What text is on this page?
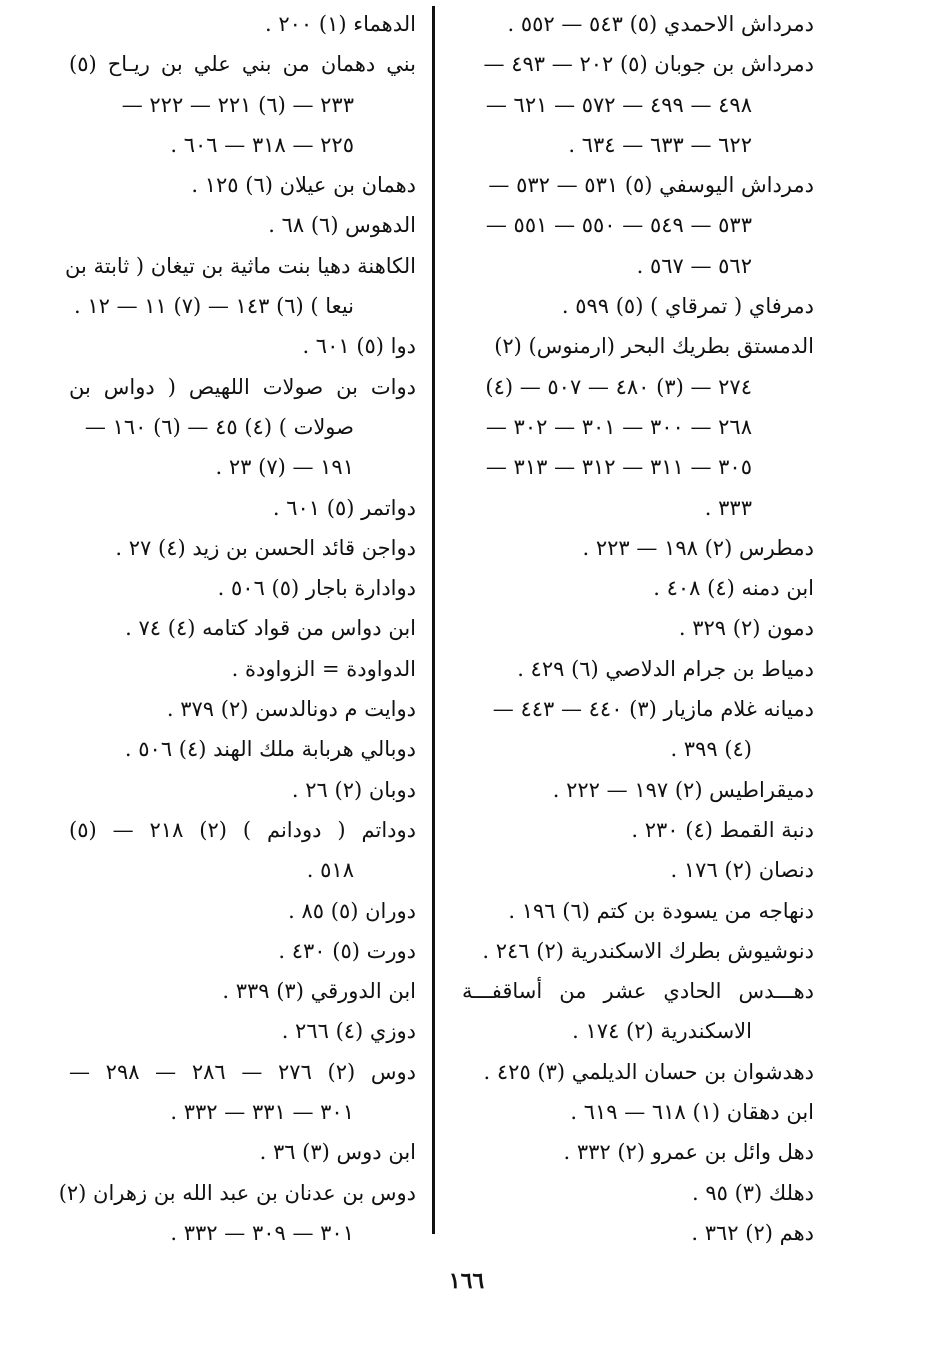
دمرداش الاحمدي (٥) ٥٤٣ — ٥٥٢ .
دمرداش بن جوبان (٥) ٢٠٢ — ٤٩٣ —
٤٩٨ — ٤٩٩ — ٥٧٢ — ٦٢١ —
٦٢٢ — ٦٣٣ — ٦٣٤ .
دمرداش اليوسفي (٥) ٥٣١ — ٥٣٢ —
٥٣٣ — ٥٤٩ — ٥٥٠ — ٥٥١ —
٥٦٢ — ٥٦٧ .
دمرفاي ( تمرقاي ) (٥) ٥٩٩ .
الدمستق بطريك البحر (ارمنوس) (٢)
٢٧٤ — (٣) ٤٨٠ — ٥٠٧ — (٤)
٢٦٨ — ٣٠٠ — ٣٠١ — ٣٠٢ —
٣٠٥ — ٣١١ — ٣١٢ — ٣١٣ —
٣٣٣ .
دمطرس (٢) ١٩٨ — ٢٢٣ .
ابن دمنه (٤) ٤٠٨ .
دمون (٢) ٣٢٩ .
دمياط بن جرام الدلاصي (٦) ٤٢٩ .
دميانه غلام مازيار (٣) ٤٤٠ — ٤٤٣ —
(٤) ٣٩٩ .
دميقراطيس (٢) ١٩٧ — ٢٢٢ .
دنبة القمط (٤) ٢٣٠ .
دنصان (٢) ١٧٦ .
دنهاجه من يسودة بن كتم (٦) ١٩٦ .
دنوشيوش بطرك الاسكندرية (٢) ٢٤٦ .
دهـــدس الحادي عشر من أساقفـــة
الاسكندرية (٢) ١٧٤ .
دهدشوان بن حسان الديلمي (٣) ٤٢٥ .
ابن دهقان (١) ٦١٨ — ٦١٩ .
دهل وائل بن عمرو (٢) ٣٣٢ .
دهلك (٣) ٩٥ .
دهم (٢) ٣٦٢ .
الدهماء (١) ٢٠٠ .
بني دهمان من بني علي بن ريـاح (٥)
٢٣٣ — (٦) ٢٢١ — ٢٢٢ —
٢٢٥ — ٣١٨ — ٦٠٦ .
دهمان بن عيلان (٦) ١٢٥ .
الدهوس (٦) ٦٨ .
الكاهنة دهيا بنت ماثية بن تيغان ( ثابتة بن
نيعا ) (٦) ١٤٣ — (٧) ١١ — ١٢ .
دوا (٥) ٦٠١ .
دوات بن صولات اللهيص ( دواس بن
صولات ) (٤) ٤٥ — (٦) ١٦٠ —
١٩١ — (٧) ٢٣ .
دواتمر (٥) ٦٠١ .
دواجن قائد الحسن بن زيد (٤) ٢٧ .
دوادارة باجار (٥) ٥٠٦ .
ابن دواس من قواد كتامه (٤) ٧٤ .
الدواودة = الزواودة .
دوايت م دونالدسن (٢) ٣٧٩ .
دوبالي هربابة ملك الهند (٤) ٥٠٦ .
دوبان (٢) ٢٦ .
دوداتم ( دودانم ) (٢) ٢١٨ — (٥)
٥١٨ .
دوران (٥) ٨٥ .
دورت (٥) ٤٣٠ .
ابن الدورقي (٣) ٣٣٩ .
دوزي (٤) ٢٦٦ .
دوس (٢) ٢٧٦ — ٢٨٦ — ٢٩٨ —
٣٠١ — ٣٣١ — ٣٣٢ .
ابن دوس (٣) ٣٦ .
دوس بن عدنان بن عبد الله بن زهران (٢)
٣٠١ — ٣٠٩ — ٣٣٢ .
١٦٦
